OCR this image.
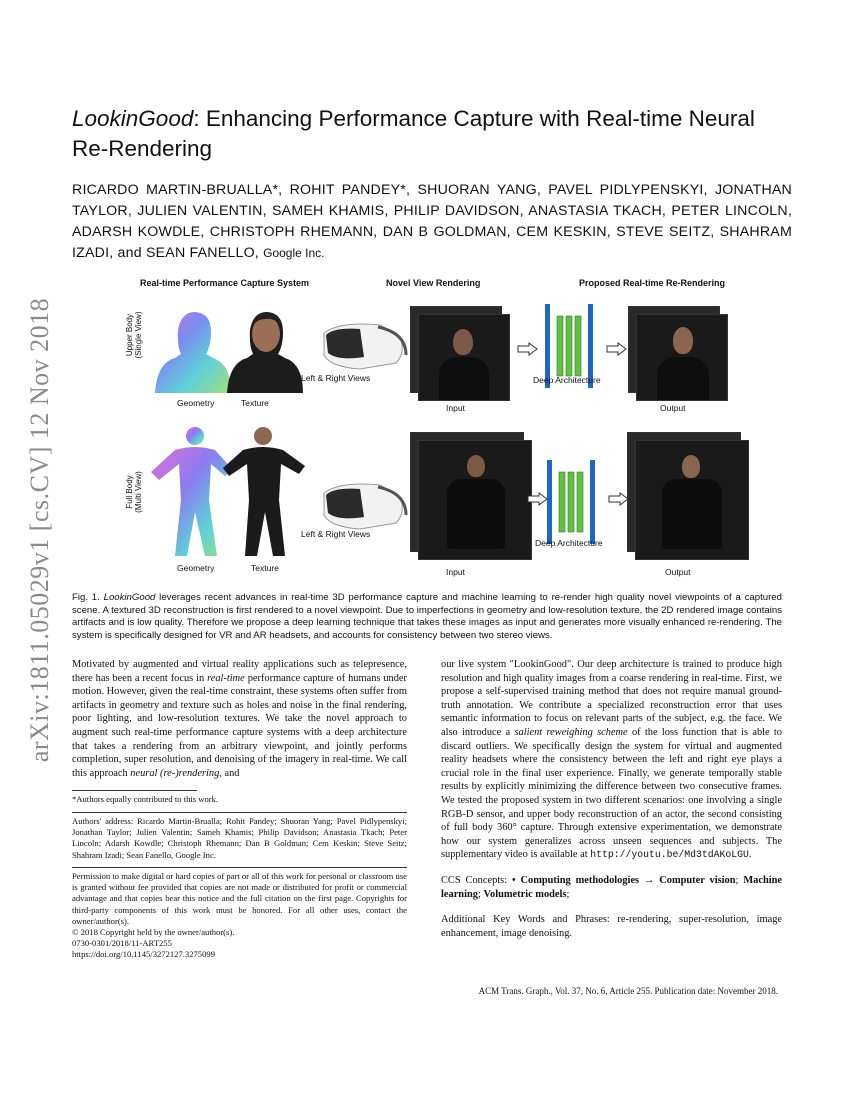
arXiv:1811.05029v1 [cs.CV] 12 Nov 2018
LookinGood: Enhancing Performance Capture with Real-time Neural Re-Rendering
RICARDO MARTIN-BRUALLA*, ROHIT PANDEY*, SHUORAN YANG, PAVEL PIDLYPENSKYI, JONATHAN TAYLOR, JULIEN VALENTIN, SAMEH KHAMIS, PHILIP DAVIDSON, ANASTASIA TKACH, PETER LINCOLN, ADARSH KOWDLE, CHRISTOPH RHEMANN, DAN B GOLDMAN, CEM KESKIN, STEVE SEITZ, SHAHRAM IZADI, and SEAN FANELLO, Google Inc.
Real-time Performance Capture System	Novel View Rendering	Proposed Real-time Re-Rendering
Upper Body (Single View)
Full Body (Multi View)
Geometry	Texture
Left & Right Views
Input
Deep Architecture
Output
Geometry	Texture
Left & Right Views
Input
Deep Architecture
Output
Fig. 1. LookinGood leverages recent advances in real-time 3D performance capture and machine learning to re-render high quality novel viewpoints of a captured scene. A textured 3D reconstruction is first rendered to a novel viewpoint. Due to imperfections in geometry and low-resolution texture, the 2D rendered image contains artifacts and is low quality. Therefore we propose a deep learning technique that takes these images as input and generates more visually enhanced re-rendering. The system is specifically designed for VR and AR headsets, and accounts for consistency between two stereo views.
Motivated by augmented and virtual reality applications such as telepresence, there has been a recent focus in real-time performance capture of humans under motion. However, given the real-time constraint, these systems often suffer from artifacts in geometry and texture such as holes and noise in the final rendering, poor lighting, and low-resolution textures. We take the novel approach to augment such real-time performance capture systems with a deep architecture that takes a rendering from an arbitrary viewpoint, and jointly performs completion, super resolution, and denoising of the imagery in real-time. We call this approach neural (re-)rendering, and
*Authors equally contributed to this work.
Authors' address: Ricardo Martin-Brualla; Rohit Pandey; Shuoran Yang; Pavel Pidlypenskyi; Jonathan Taylor; Julien Valentin; Sameh Khamis; Philip Davidson; Anastasia Tkach; Peter Lincoln; Adarsh Kowdle; Christoph Rhemann; Dan B Goldman; Cem Keskin; Steve Seitz; Shahram Izadi; Sean Fanello, Google Inc.
Permission to make digital or hard copies of part or all of this work for personal or classroom use is granted without fee provided that copies are not made or distributed for profit or commercial advantage and that copies bear this notice and the full citation on the first page. Copyrights for third-party components of this work must be honored. For all other uses, contact the owner/author(s).
© 2018 Copyright held by the owner/author(s).
0730-0301/2018/11-ART255
https://doi.org/10.1145/3272127.3275099
our live system "LookinGood". Our deep architecture is trained to produce high resolution and high quality images from a coarse rendering in real-time. First, we propose a self-supervised training method that does not require manual ground-truth annotation. We contribute a specialized reconstruction error that uses semantic information to focus on relevant parts of the subject, e.g. the face. We also introduce a salient reweighing scheme of the loss function that is able to discard outliers. We specifically design the system for virtual and augmented reality headsets where the consistency between the left and right eye plays a crucial role in the final user experience. Finally, we generate temporally stable results by explicitly minimizing the difference between two consecutive frames. We tested the proposed system in two different scenarios: one involving a single RGB-D sensor, and upper body reconstruction of an actor, the second consisting of full body 360° capture. Through extensive experimentation, we demonstrate how our system generalizes across unseen sequences and subjects. The supplementary video is available at http://youtu.be/Md3tdAKoLGU.
CCS Concepts: • Computing methodologies → Computer vision; Machine learning; Volumetric models;
Additional Key Words and Phrases: re-rendering, super-resolution, image enhancement, image denoising.
ACM Trans. Graph., Vol. 37, No. 6, Article 255. Publication date: November 2018.
